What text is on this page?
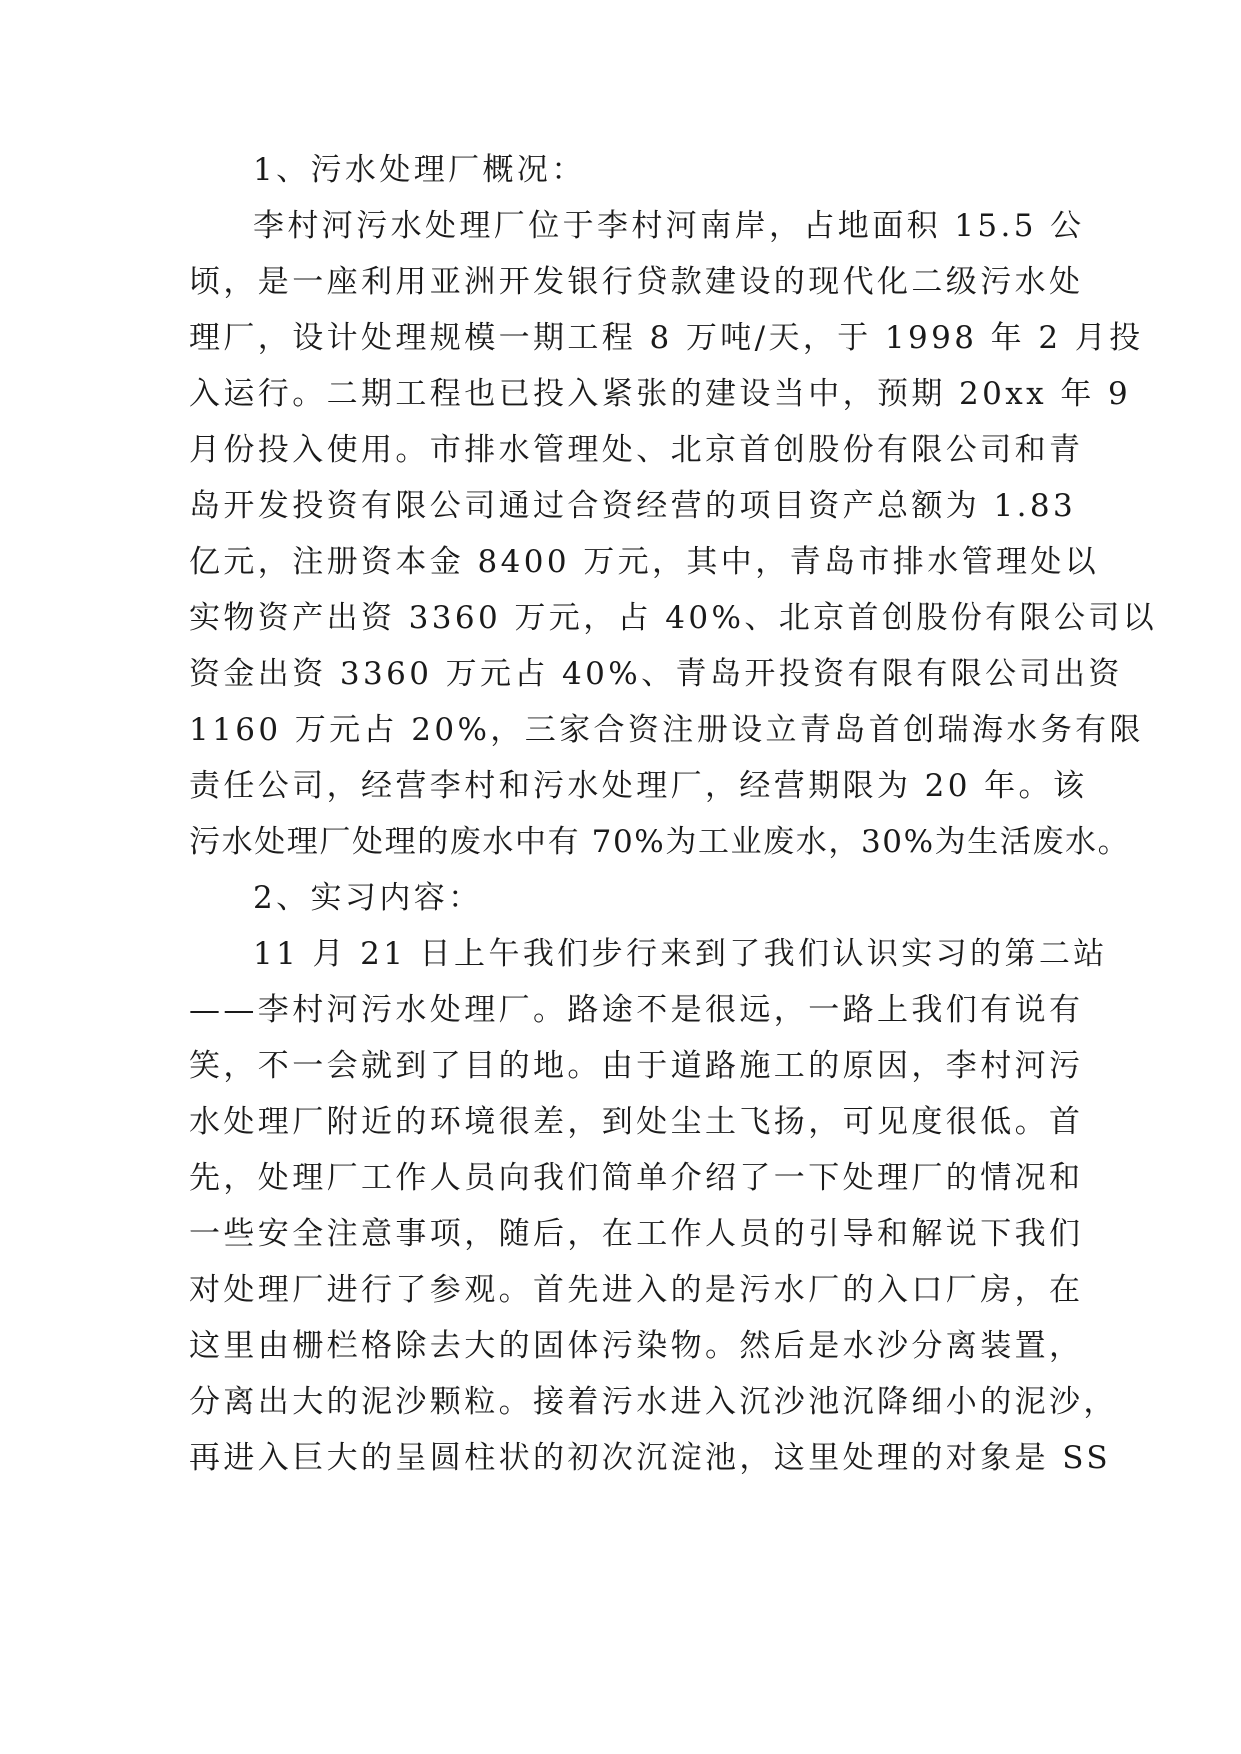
1、污水处理厂概况：
李村河污水处理厂位于李村河南岸，占地面积 15.5 公
顷，是一座利用亚洲开发银行贷款建设的现代化二级污水处
理厂，设计处理规模一期工程 8 万吨/天，于 1998 年 2 月投
入运行。二期工程也已投入紧张的建设当中，预期 20xx 年 9
月份投入使用。市排水管理处、北京首创股份有限公司和青
岛开发投资有限公司通过合资经营的项目资产总额为 1.83
亿元，注册资本金 8400 万元，其中，青岛市排水管理处以
实物资产出资 3360 万元，占 40%、北京首创股份有限公司以
资金出资 3360 万元占 40%、青岛开投资有限有限公司出资
1160 万元占 20%，三家合资注册设立青岛首创瑞海水务有限
责任公司，经营李村和污水处理厂，经营期限为 20 年。该
污水处理厂处理的废水中有 70%为工业废水，30%为生活废水。
2、实习内容：
11 月 21 日上午我们步行来到了我们认识实习的第二站
——李村河污水处理厂。路途不是很远，一路上我们有说有
笑，不一会就到了目的地。由于道路施工的原因，李村河污
水处理厂附近的环境很差，到处尘土飞扬，可见度很低。首
先，处理厂工作人员向我们简单介绍了一下处理厂的情况和
一些安全注意事项，随后，在工作人员的引导和解说下我们
对处理厂进行了参观。首先进入的是污水厂的入口厂房，在
这里由栅栏格除去大的固体污染物。然后是水沙分离装置，
分离出大的泥沙颗粒。接着污水进入沉沙池沉降细小的泥沙，
再进入巨大的呈圆柱状的初次沉淀池，这里处理的对象是 SS
